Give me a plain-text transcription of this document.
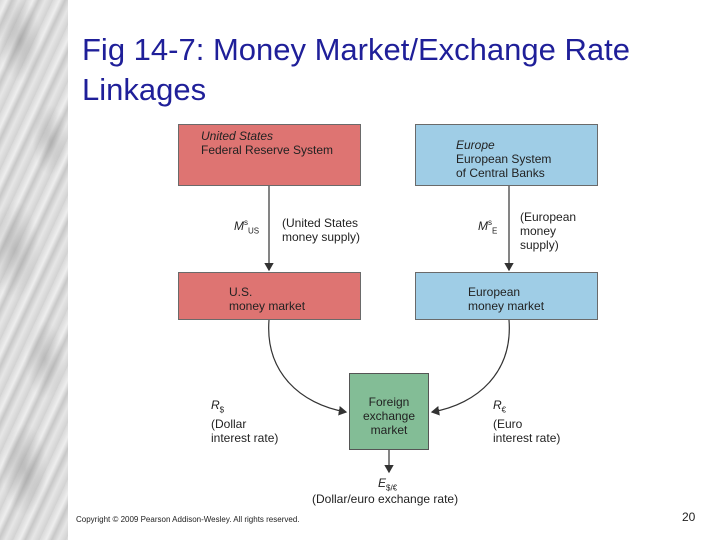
Fig 14-7: Money Market/Exchange Rate Linkages
United States
Federal Reserve System	Europe
European System
of Central Banks
U.S.
money market
European
money market
Foreign
exchange
market
$M^s_{US}$
(United States
money supply)
$M^s_E$
(European
money
supply)
$R_{\$}$
(Dollar
interest rate)
$R_€$
(Euro
interest rate)
$E_{\$/€}$
(Dollar/euro exchange rate)
Copyright © 2009 Pearson Addison-Wesley. All rights reserved.	20
